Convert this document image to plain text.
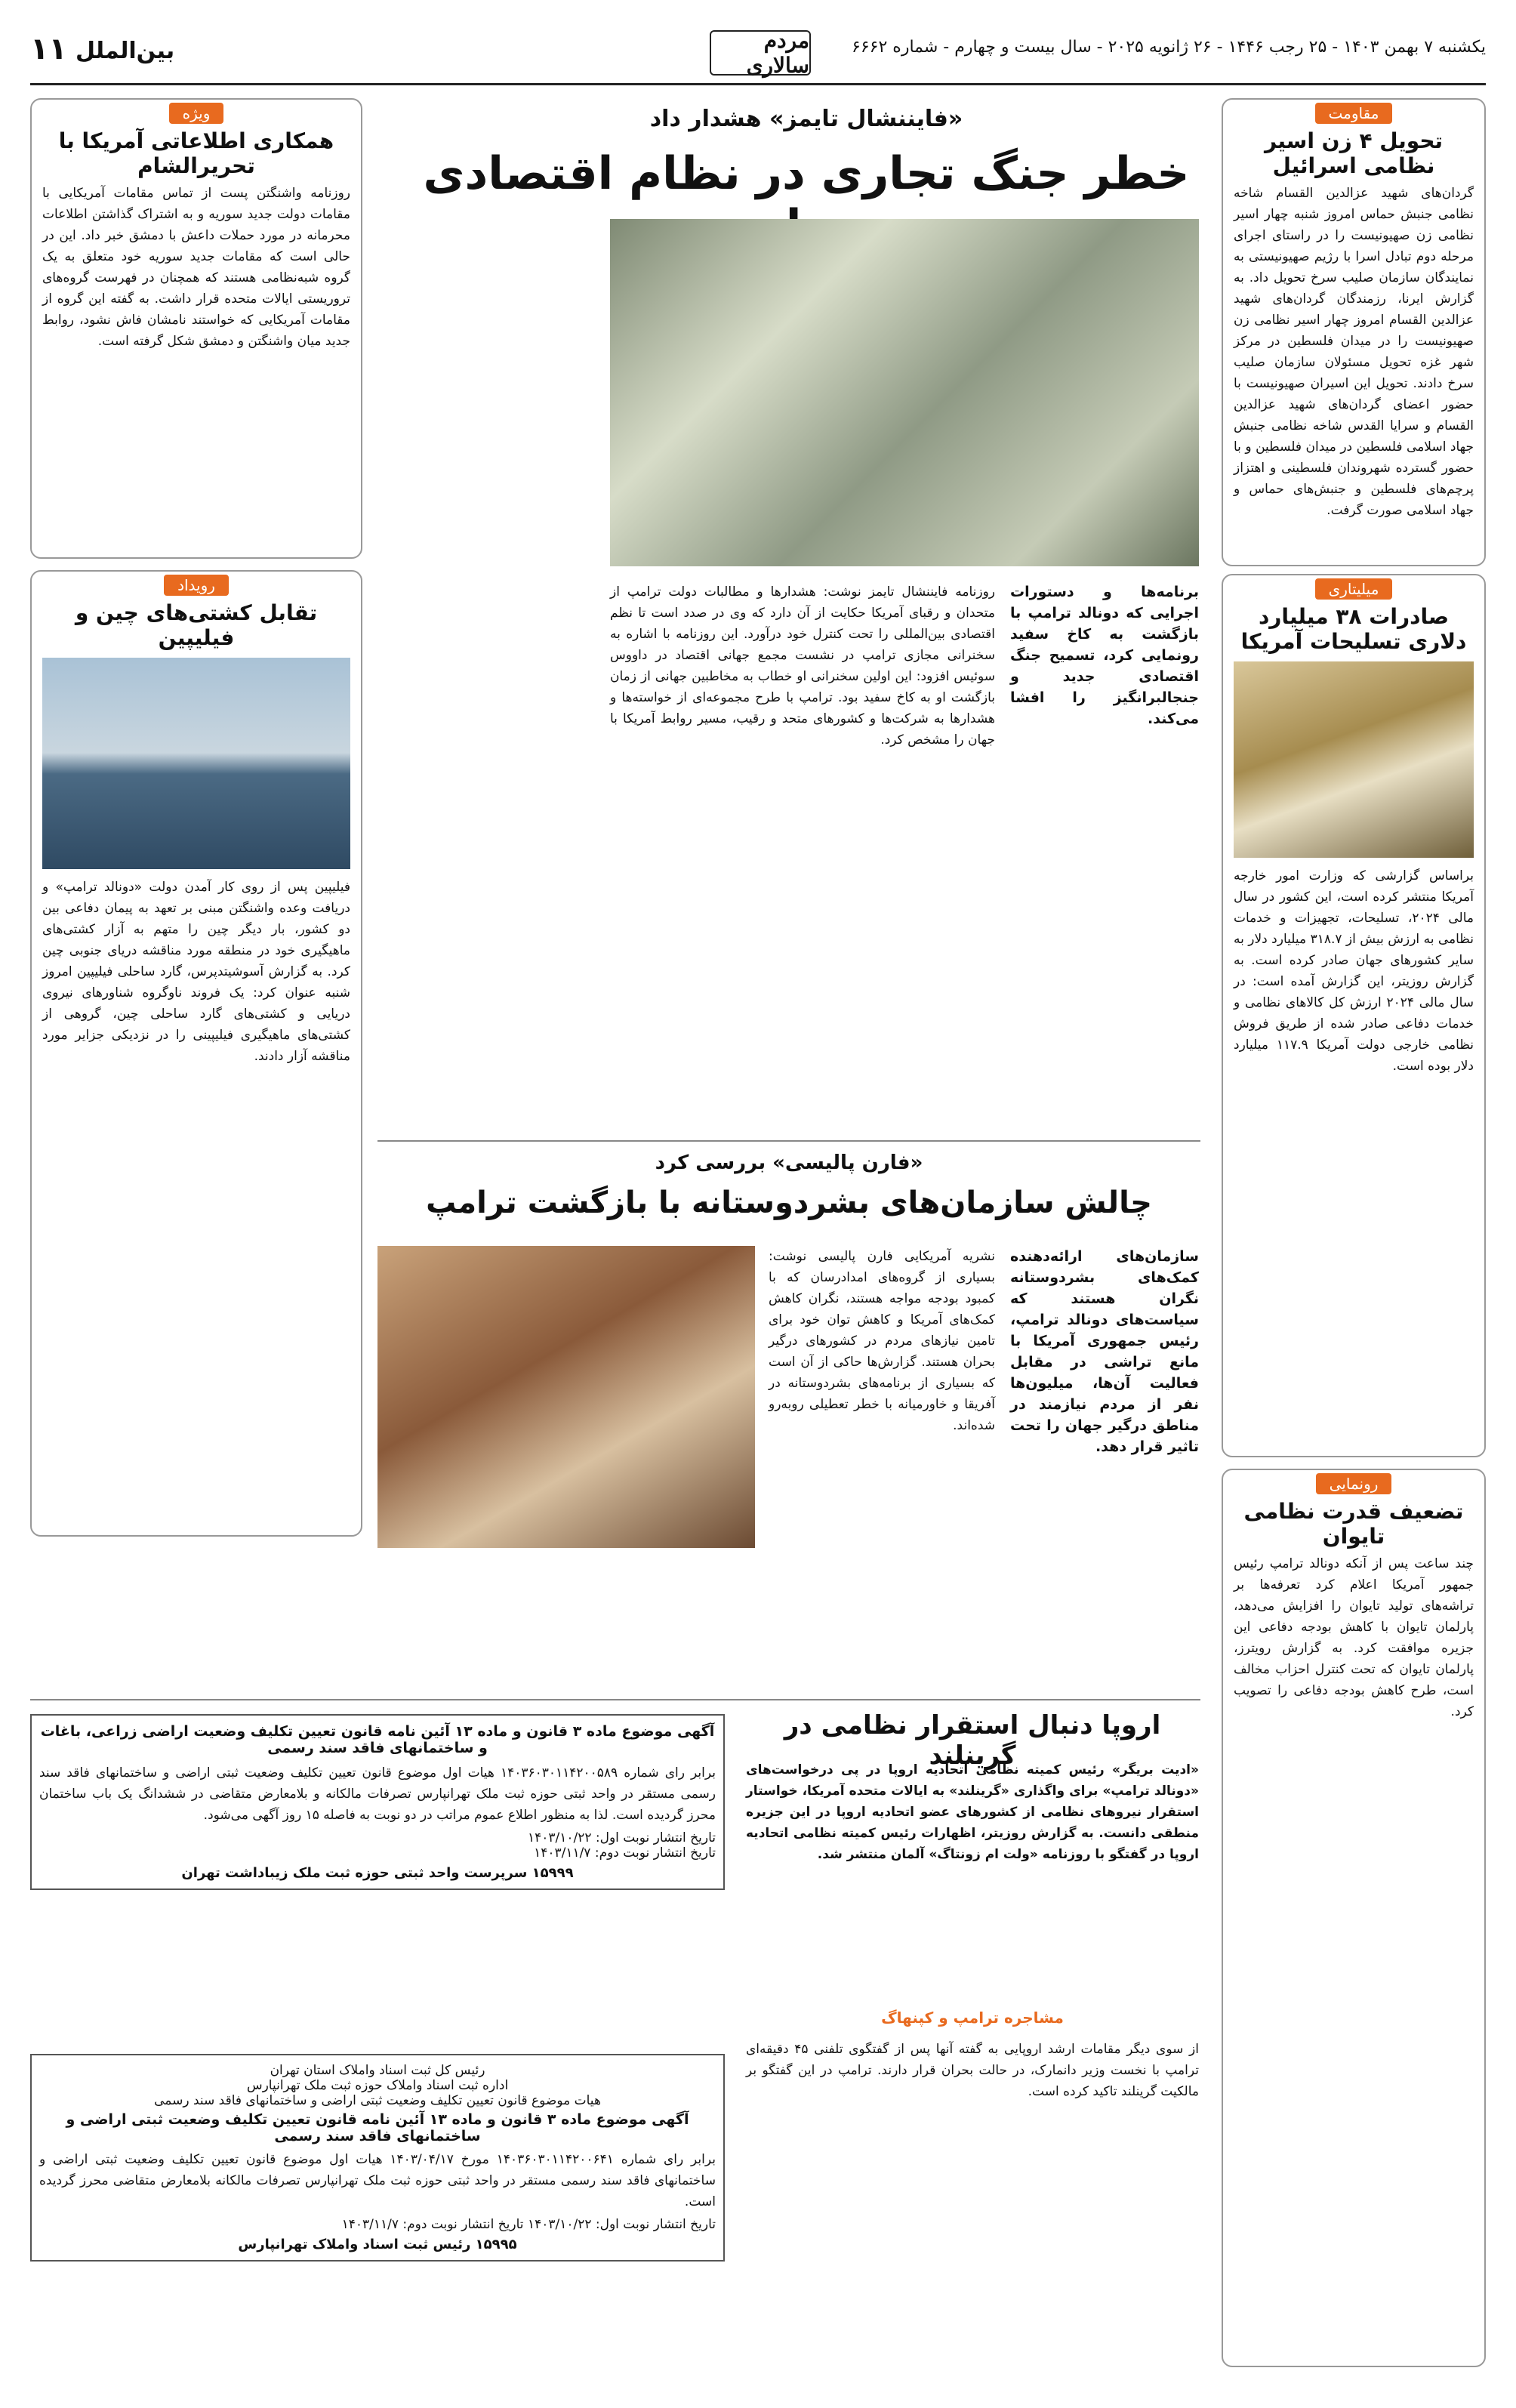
۱۱ بین‌الملل	مردم سالاری
یکشنبه ۷ بهمن ۱۴۰۳ - ۲۵ رجب ۱۴۴۶ - ۲۶ ژانویه ۲۰۲۵ - سال بیست و چهارم - شماره ۶۶۶۲
مقاومت
تحویل ۴ زن اسیر نظامی اسرائیل
گردان‌های شهید عزالدین القسام شاخه نظامی جنبش حماس امروز شنبه چهار اسیر نظامی زن صهیونیست را در راستای اجرای مرحله دوم تبادل اسرا با رژیم صهیونیستی به نمایندگان سازمان صلیب سرخ تحویل داد. به گزارش ایرنا، رزمندگان گردان‌های شهید عزالدین القسام امروز چهار اسیر نظامی زن صهیونیست را در میدان فلسطین در مرکز شهر غزه تحویل مسئولان سازمان صلیب سرخ دادند. تحویل این اسیران صهیونیست با حضور اعضای گردان‌های شهید عزالدین القسام و سرایا القدس شاخه نظامی جنبش جهاد اسلامی فلسطین در میدان فلسطین و با حضور گسترده شهروندان فلسطینی و اهتزاز پرچم‌های فلسطین و جنبش‌های حماس و جهاد اسلامی صورت گرفت.
میلیتاری
صادرات ۳۸ میلیارد دلاری تسلیحات آمریکا
براساس گزارشی که وزارت امور خارجه آمریکا منتشر کرده است، این کشور در سال مالی ۲۰۲۴، تسلیحات، تجهیزات و خدمات نظامی به ارزش بیش از ۳۱۸.۷ میلیارد دلار به سایر کشورهای جهان صادر کرده است. به گزارش روزیتر، این گزارش آمده است: در سال مالی ۲۰۲۴ ارزش کل کالاهای نظامی و خدمات دفاعی صادر شده از طریق فروش نظامی خارجی دولت آمریکا ۱۱۷.۹ میلیارد دلار بوده است.
رونمایی
تضعیف قدرت نظامی تایوان
چند ساعت پس از آنکه دونالد ترامپ رئیس جمهور آمریکا اعلام کرد تعرفه‌ها بر تراشه‌های تولید تایوان را افزایش می‌دهد، پارلمان تایوان با کاهش بودجه دفاعی این جزیره موافقت کرد. به گزارش رویترز، پارلمان تایوان که تحت کنترل احزاب مخالف است، طرح کاهش بودجه دفاعی را تصویب کرد.
«فایننشال تایمز» هشدار داد
خطر جنگ تجاری در نظام اقتصادی
برنامه‌ها و دستورات اجرایی که دونالد ترامپ با بازگشت به کاخ سفید رونمایی کرد، تسمیح جنگ اقتصادی جدید و جنجالبرانگیز را افشا می‌کند.
روزنامه فایننشال تایمز نوشت: هشدارها و مطالبات دولت ترامپ از متحدان و رقبای آمریکا حکایت از آن دارد که وی در صدد است تا نظم اقتصادی بین‌المللی را تحت کنترل خود درآورد. این روزنامه با اشاره به سخنرانی مجازی ترامپ در نشست مجمع جهانی اقتصاد در داووس سوئیس افزود: این اولین سخنرانی او خطاب به مخاطبین جهانی از زمان بازگشت او به کاخ سفید بود. ترامپ با طرح مجموعه‌ای از خواسته‌ها و هشدارها به شرکت‌ها و کشورهای متحد و رقیب، مسیر روابط آمریکا با جهان را مشخص کرد.
ویژه
همکاری اطلاعاتی آمریکا با تحریرالشام
روزنامه واشنگتن پست از تماس مقامات آمریکایی با مقامات دولت جدید سوریه و به اشتراک گذاشتن اطلاعات محرمانه در مورد حملات داعش با دمشق خبر داد. این در حالی است که مقامات جدید سوریه خود متعلق به یک گروه شبه‌نظامی هستند که همچنان در فهرست گروه‌های تروریستی ایالات متحده قرار داشت. به گفته این گروه از مقامات آمریکایی که خواستند نامشان فاش نشود، روابط جدید میان واشنگتن و دمشق شکل گرفته است.
رویداد
تقابل کشتی‌های چین و فیلیپین
فیلیپین پس از روی کار آمدن دولت «دونالد ترامپ» و دریافت وعده واشنگتن مبنی بر تعهد به پیمان دفاعی بین دو کشور، بار دیگر چین را متهم به آزار کشتی‌های ماهیگیری خود در منطقه مورد مناقشه دریای جنوبی چین کرد. به گزارش آسوشیتدپرس، گارد ساحلی فیلیپین امروز شنبه عنوان کرد: یک فروند ناوگروه شناورهای نیروی دریایی و کشتی‌های گارد ساحلی چین، گروهی از کشتی‌های ماهیگیری فیلیپینی را در نزدیکی جزایر مورد مناقشه آزار دادند.
«فارن پالیسی» بررسی کرد
چالش سازمان‌های بشردوستانه با بازگشت ترامپ
سازمان‌های ارائه‌دهنده کمک‌های بشردوستانه نگران هستند که سیاست‌های دونالد ترامپ، رئیس جمهوری آمریکا با مانع تراشی در مقابل فعالیت آن‌ها، میلیون‌ها نفر از مردم نیازمند در مناطق درگیر جهان را تحت تاثیر قرار دهد.
نشریه آمریکایی فارن پالیسی نوشت: بسیاری از گروه‌های امدادرسان که با کمبود بودجه مواجه هستند، نگران کاهش کمک‌های آمریکا و کاهش توان خود برای تامین نیازهای مردم در کشورهای درگیر بحران هستند. گزارش‌ها حاکی از آن است که بسیاری از برنامه‌های بشردوستانه در آفریقا و خاورمیانه با خطر تعطیلی روبه‌رو شده‌اند.
اروپا دنبال استقرار نظامی در گرینلند
«ادیت بریگر» رئیس کمیته نظامی اتحادیه اروپا در پی درخواست‌های «دونالد ترامپ» برای واگذاری «گرینلند» به ایالات متحده آمریکا، خواستار استقرار نیروهای نظامی از کشورهای عضو اتحادیه اروپا در این جزیره منطقی دانست. به گزارش روزیتر، اظهارات رئیس کمیته نظامی اتحادیه اروپا در گفتگو با روزنامه «ولت ام زونتاگ» آلمان منتشر شد.
مشاجره ترامپ و کپنهاگ
از سوی دیگر مقامات ارشد اروپایی به گفته آنها پس از گفتگوی تلفنی ۴۵ دقیقه‌ای ترامپ با نخست وزیر دانمارک، در حالت بحران قرار دارند. ترامپ در این گفتگو بر مالکیت گرینلند تاکید کرده است.
آگهی موضوع ماده ۳ قانون و ماده ۱۳ آئین نامه قانون تعیین تکلیف وضعیت اراضی زراعی، باغات و ساختمانهای فاقد سند رسمی
برابر رای شماره ۱۴۰۳۶۰۳۰۱۱۴۲۰۰۵۸۹ هیات اول موضوع قانون تعیین تکلیف وضعیت ثبتی اراضی و ساختمانهای فاقد سند رسمی مستقر در واحد ثبتی حوزه ثبت ملک تهرانپارس تصرفات مالکانه و بلامعارض متقاضی در ششدانگ یک باب ساختمان محرز گردیده است. لذا به منظور اطلاع عموم مراتب در دو نوبت به فاصله ۱۵ روز آگهی می‌شود.
تاریخ انتشار نوبت اول: ۱۴۰۳/۱۰/۲۲
تاریخ انتشار نوبت دوم: ۱۴۰۳/۱۱/۷
۱۵۹۹۹ سرپرست واحد ثبتی حوزه ثبت ملک زیباداشت تهران
رئیس کل ثبت اسناد واملاک استان تهران
اداره ثبت اسناد واملاک حوزه ثبت ملک تهرانپارس
هیات موضوع قانون تعیین تکلیف وضعیت ثبتی اراضی و ساختمانهای فاقد سند رسمی
آگهی موضوع ماده ۳ قانون و ماده ۱۳ آئین نامه قانون تعیین تکلیف وضعیت ثبتی اراضی و ساختمانهای فاقد سند رسمی
برابر رای شماره ۱۴۰۳۶۰۳۰۱۱۴۲۰۰۶۴۱ مورخ ۱۴۰۳/۰۴/۱۷ هیات اول موضوع قانون تعیین تکلیف وضعیت ثبتی اراضی و ساختمانهای فاقد سند رسمی مستقر در واحد ثبتی حوزه ثبت ملک تهرانپارس تصرفات مالکانه بلامعارض متقاضی محرز گردیده است.
تاریخ انتشار نوبت اول: ۱۴۰۳/۱۰/۲۲ تاریخ انتشار نوبت دوم: ۱۴۰۳/۱۱/۷
۱۵۹۹۵ رئیس ثبت اسناد واملاک تهرانپارس
